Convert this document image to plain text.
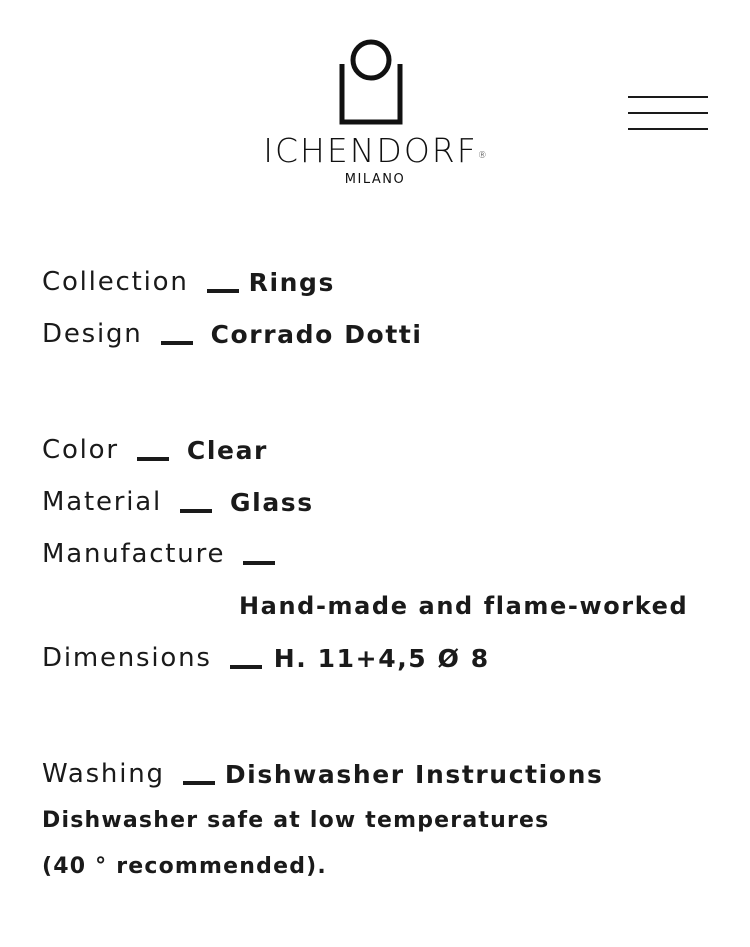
ICHENDORF®
MILANO
Collection Rings
Design	Corrado Dotti
Color	Clear
Material	Glass
Manufacture
Hand-made and flame-worked
Dimensions H. 11+4,5 Ø 8
Washing Dishwasher Instructions
Dishwasher safe at low temperatures
(40 ° recommended).
